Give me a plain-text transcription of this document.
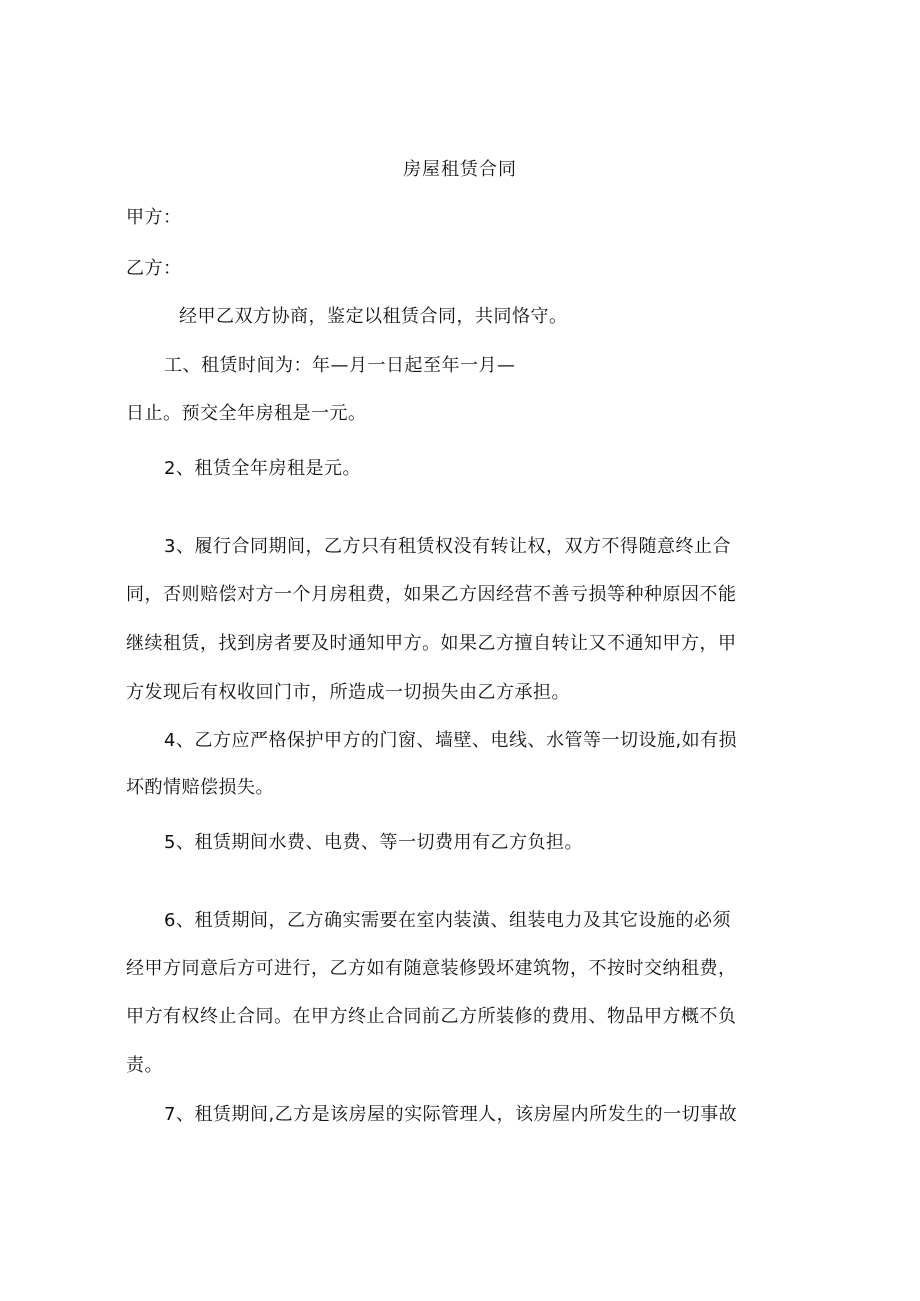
房屋租赁合同
甲方：
乙方：
经甲乙双方协商，鉴定以租赁合同，共同恪守。
工、租赁时间为：年—月一日起至年一月—
日止。预交全年房租是一元。
2、租赁全年房租是元。
3、履行合同期间，乙方只有租赁权没有转让权，双方不得随意终止合
同，否则赔偿对方一个月房租费，如果乙方因经营不善亏损等种种原因不能
继续租赁，找到房者要及时通知甲方。如果乙方擅自转让又不通知甲方，甲
方发现后有权收回门市，所造成一切损失由乙方承担。
4、乙方应严格保护甲方的门窗、墙壁、电线、水管等一切设施,如有损
坏酌情赔偿损失。
5、租赁期间水费、电费、等一切费用有乙方负担。
6、租赁期间，乙方确实需要在室内装潢、组装电力及其它设施的必须
经甲方同意后方可进行，乙方如有随意装修毁坏建筑物，不按时交纳租费，
甲方有权终止合同。在甲方终止合同前乙方所装修的费用、物品甲方概不负
责。
7、租赁期间,乙方是该房屋的实际管理人，该房屋内所发生的一切事故
